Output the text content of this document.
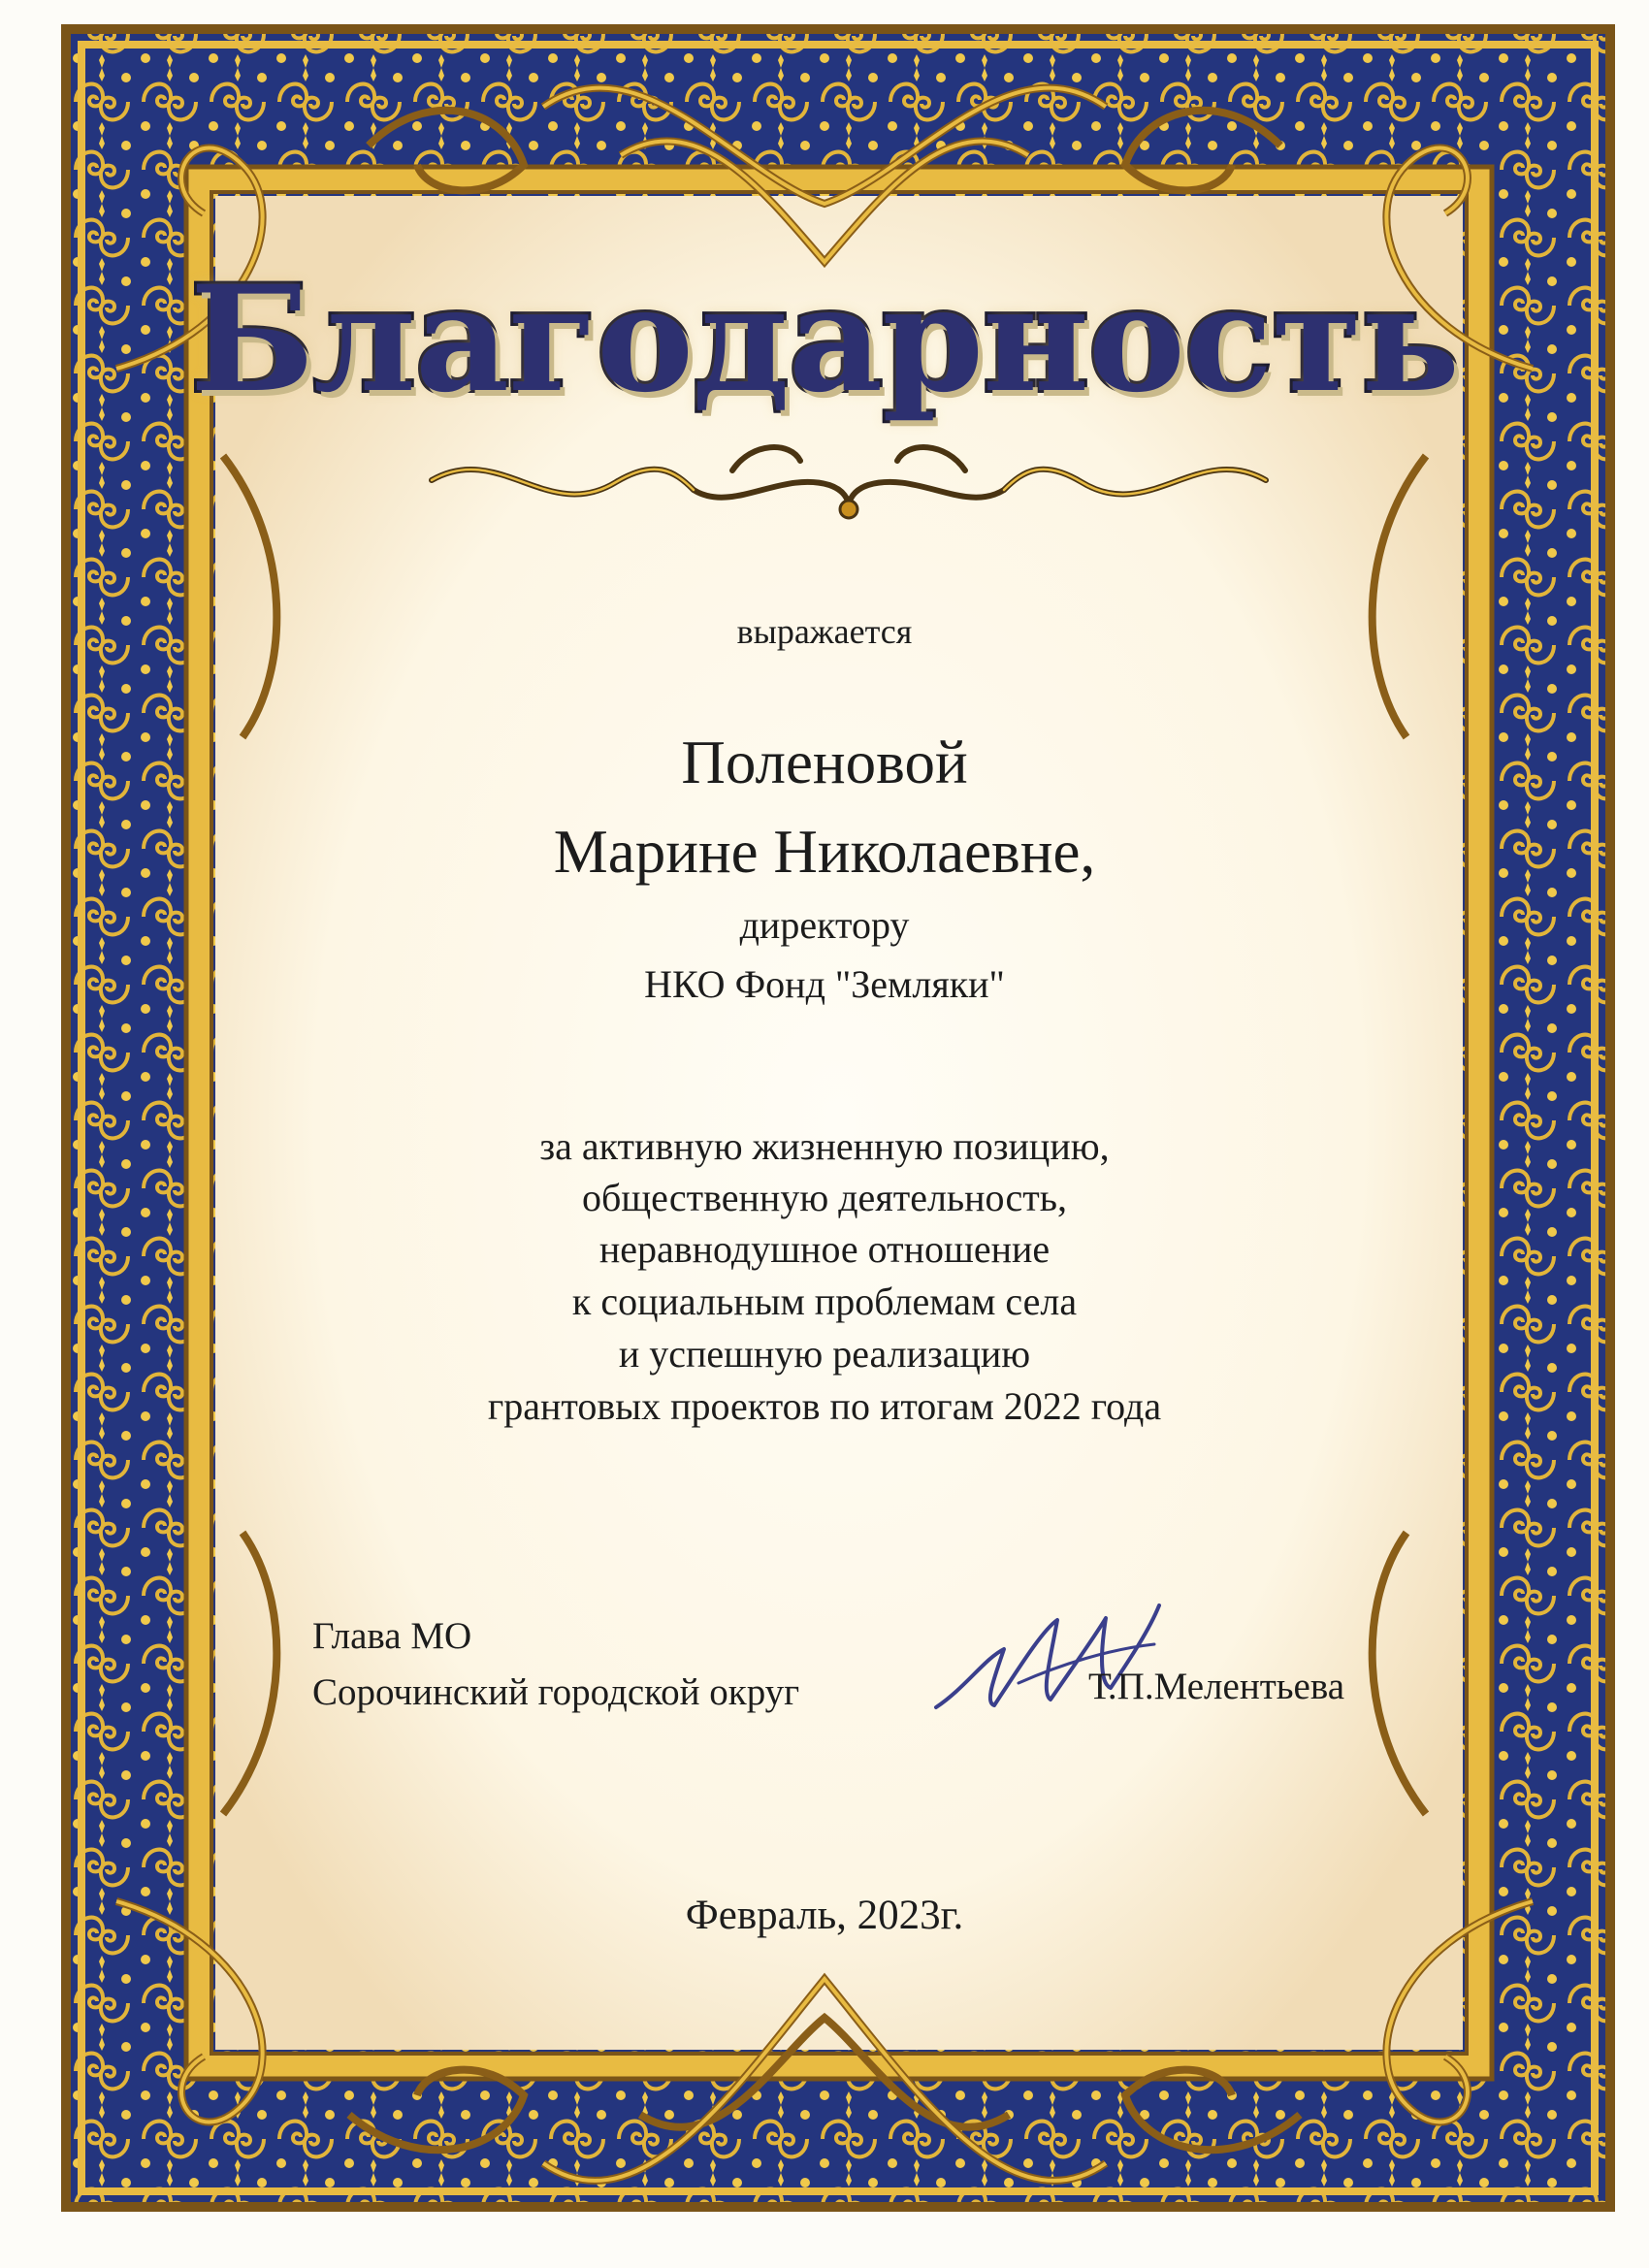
Благодарность

выражается

Поленовой

Марине Николаевне,

директору

НКО Фонд "Земляки"

за активную жизненную позицию,

общественную деятельность,

неравнодушное отношение

к социальным проблемам села

и успешную реализацию

грантовых проектов по итогам 2022 года

Глава МО
Сорочинский городской округ	Т.П.Мелентьева

Февраль, 2023г.
